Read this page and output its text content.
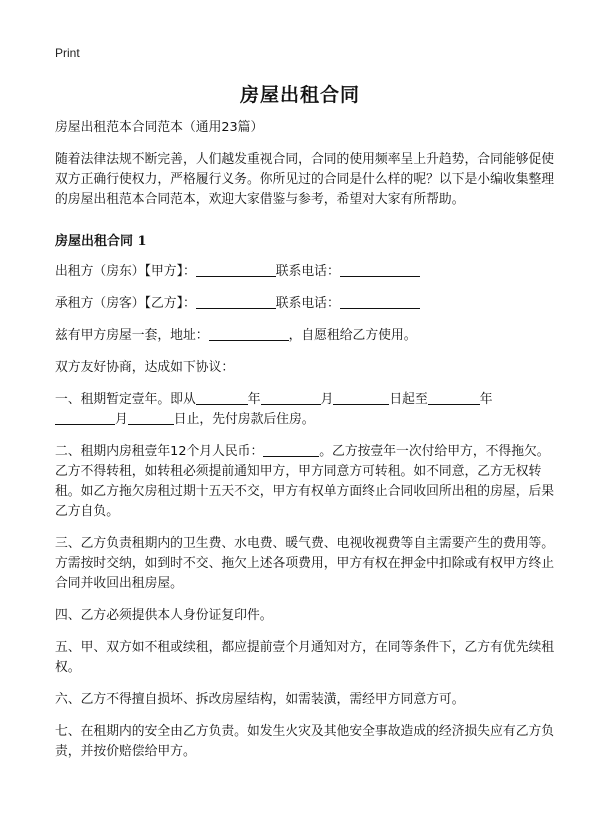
Print
房屋出租合同

房屋出租范本合同范本（通用23篇）

随着法律法规不断完善，人们越发重视合同，合同的使用频率呈上升趋势，合同能够促使双方正确行使权力，严格履行义务。你所见过的合同是什么样的呢？以下是小编收集整理的房屋出租范本合同范本，欢迎大家借鉴与参考，希望对大家有所帮助。

房屋出租合同 1

出租方（房东）【甲方】：	联系电话：

承租方（房客）【乙方】：	联系电话：

兹有甲方房屋一套，地址：	，自愿租给乙方使用。

双方友好协商，达成如下协议：

一、租期暂定壹年。即从	年	月	日起至	年
月	日止，先付房款后住房。

二、租期内房租壹年12个月人民币：	。乙方按壹年一次付给甲方，不得拖欠。乙方不得转租，如转租必须提前通知甲方，甲方同意方可转租。如不同意，乙方无权转租。如乙方拖欠房租过期十五天不交，甲方有权单方面终止合同收回所出租的房屋，后果乙方自负。

三、乙方负责租期内的卫生费、水电费、暖气费、电视收视费等自主需要产生的费用等。方需按时交纳，如到时不交、拖欠上述各项费用，甲方有权在押金中扣除或有权甲方终止合同并收回出租房屋。

四、乙方必须提供本人身份证复印件。

五、甲、双方如不租或续租，都应提前壹个月通知对方，在同等条件下，乙方有优先续租权。

六、乙方不得擅自损坏、拆改房屋结构，如需装潢，需经甲方同意方可。

七、在租期内的安全由乙方负责。如发生火灾及其他安全事故造成的经济损失应有乙方负责，并按价赔偿给甲方。
